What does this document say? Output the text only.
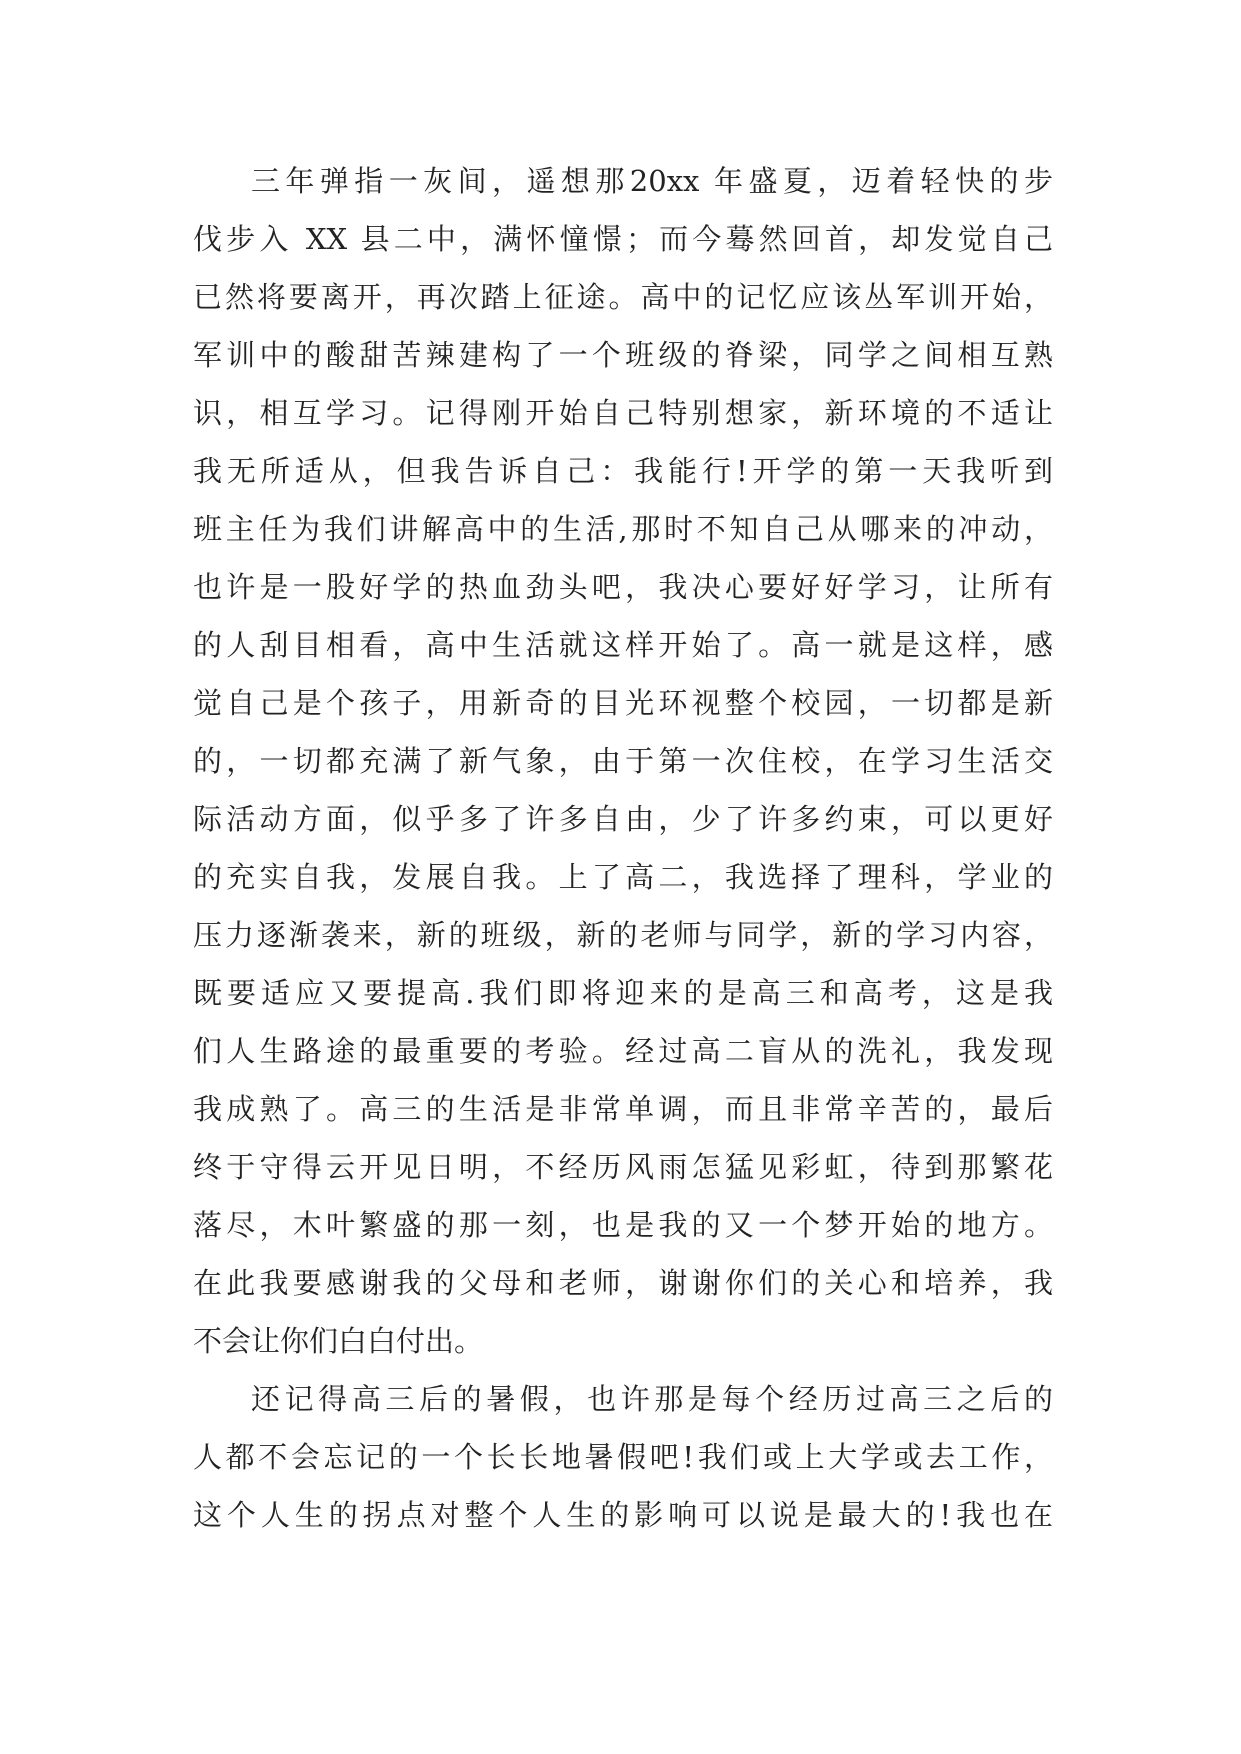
三年弹指一灰间，遥想那20xx 年盛夏，迈着轻快的步
伐步入 XX 县二中，满怀憧憬；而今蓦然回首，却发觉自己
已然将要离开，再次踏上征途。高中的记忆应该丛军训开始，
军训中的酸甜苦辣建构了一个班级的脊梁，同学之间相互熟
识，相互学习。记得刚开始自己特别想家，新环境的不适让
我无所适从，但我告诉自己：我能行!开学的第一天我听到
班主任为我们讲解高中的生活,那时不知自己从哪来的冲动，
也许是一股好学的热血劲头吧，我决心要好好学习，让所有
的人刮目相看，高中生活就这样开始了。高一就是这样，感
觉自己是个孩子，用新奇的目光环视整个校园，一切都是新
的，一切都充满了新气象，由于第一次住校，在学习生活交
际活动方面，似乎多了许多自由，少了许多约束，可以更好
的充实自我，发展自我。上了高二，我选择了理科，学业的
压力逐渐袭来，新的班级，新的老师与同学，新的学习内容，
既要适应又要提高.我们即将迎来的是高三和高考，这是我
们人生路途的最重要的考验。经过高二盲从的洗礼，我发现
我成熟了。高三的生活是非常单调，而且非常辛苦的，最后
终于守得云开见日明，不经历风雨怎猛见彩虹，待到那繁花
落尽，木叶繁盛的那一刻，也是我的又一个梦开始的地方。
在此我要感谢我的父母和老师，谢谢你们的关心和培养，我
不会让你们白白付出。
还记得高三后的暑假，也许那是每个经历过高三之后的
人都不会忘记的一个长长地暑假吧!我们或上大学或去工作，
这个人生的拐点对整个人生的影响可以说是最大的!我也在
